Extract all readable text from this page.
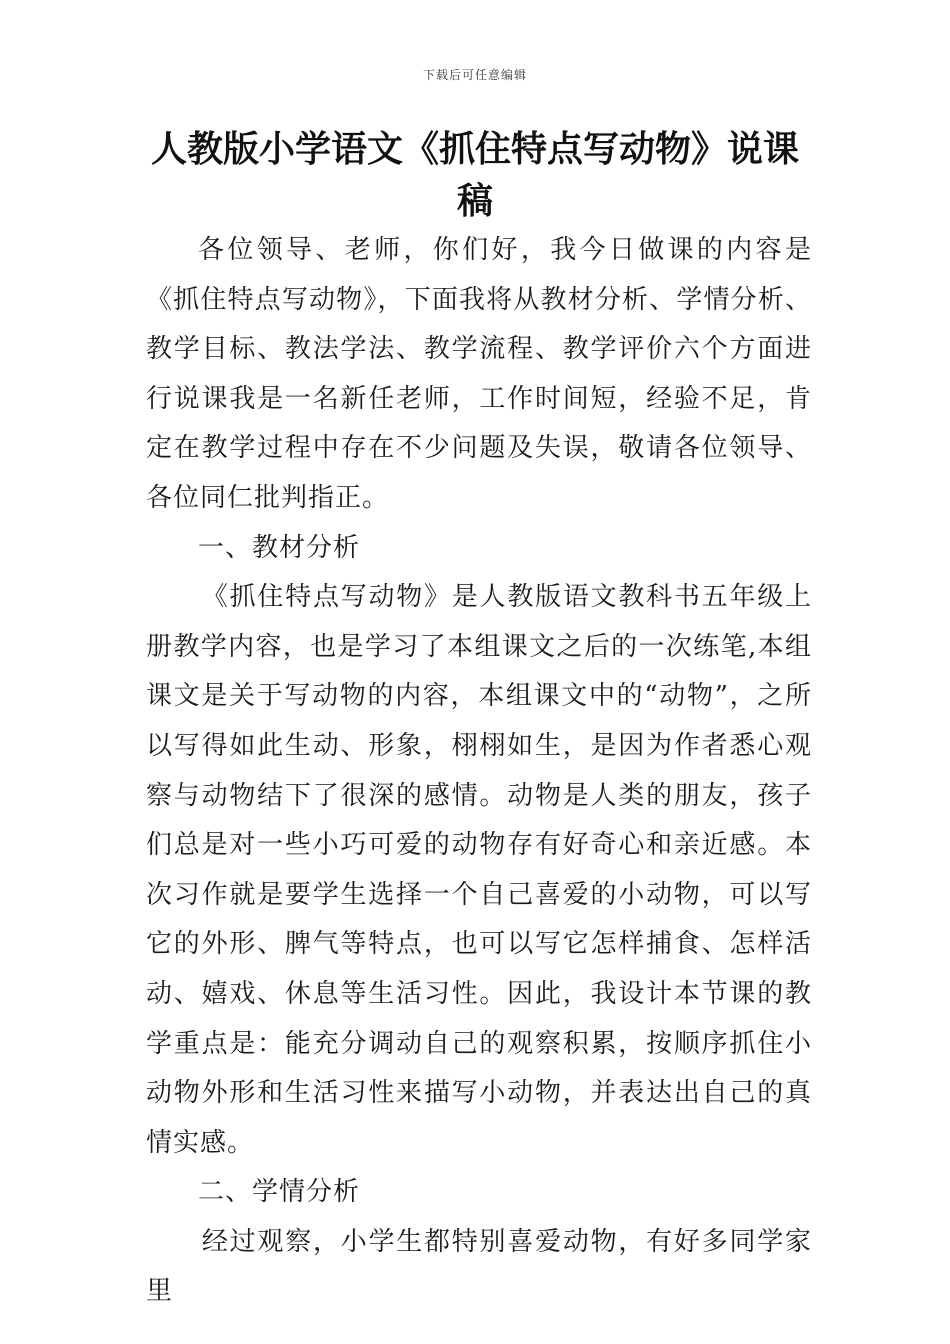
下载后可任意编辑
人教版小学语文《抓住特点写动物》说课稿

各位领导、老师，你们好，我今日做课的内容是《抓住特点写动物》，下面我将从教材分析、学情分析、教学目标、教法学法、教学流程、教学评价六个方面进行说课我是一名新任老师，工作时间短，经验不足，肯定在教学过程中存在不少问题及失误，敬请各位领导、各位同仁批判指正。

一、教材分析

《抓住特点写动物》是人教版语文教科书五年级上册教学内容，也是学习了本组课文之后的一次练笔,本组课文是关于写动物的内容，本组课文中的“动物”，之所以写得如此生动、形象，栩栩如生，是因为作者悉心观察与动物结下了很深的感情。动物是人类的朋友，孩子们总是对一些小巧可爱的动物存有好奇心和亲近感。本次习作就是要学生选择一个自己喜爱的小动物，可以写它的外形、脾气等特点，也可以写它怎样捕食、怎样活动、嬉戏、休息等生活习性。因此，我设计本节课的教学重点是：能充分调动自己的观察积累，按顺序抓住小动物外形和生活习性来描写小动物，并表达出自己的真情实感。

二、学情分析

经过观察，小学生都特别喜爱动物，有好多同学家里
